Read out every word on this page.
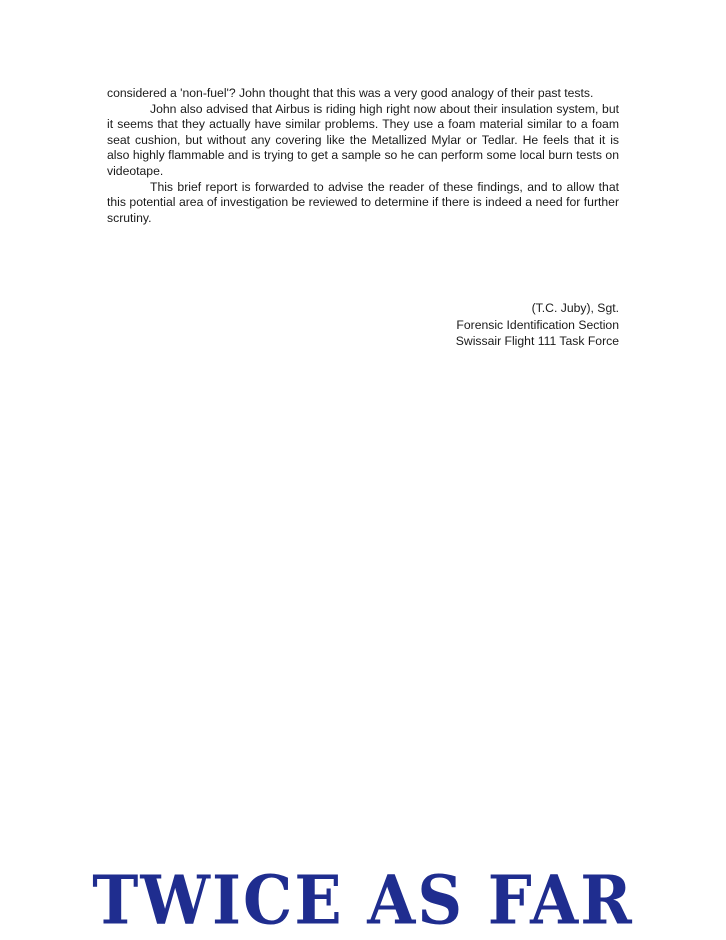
considered a 'non-fuel'? John thought that this was a very good analogy of their past tests.

John also advised that Airbus is riding high right now about their insulation system, but it seems that they actually have similar problems. They use a foam material similar to a foam seat cushion, but without any covering like the Metallized Mylar or Tedlar. He feels that it is also highly flammable and is trying to get a sample so he can perform some local burn tests on videotape.

This brief report is forwarded to advise the reader of these findings, and to allow that this potential area of investigation be reviewed to determine if there is indeed a need for further scrutiny.

(T.C. Juby), Sgt.
Forensic Identification Section
Swissair Flight 111 Task Force
TWICE AS FAR
